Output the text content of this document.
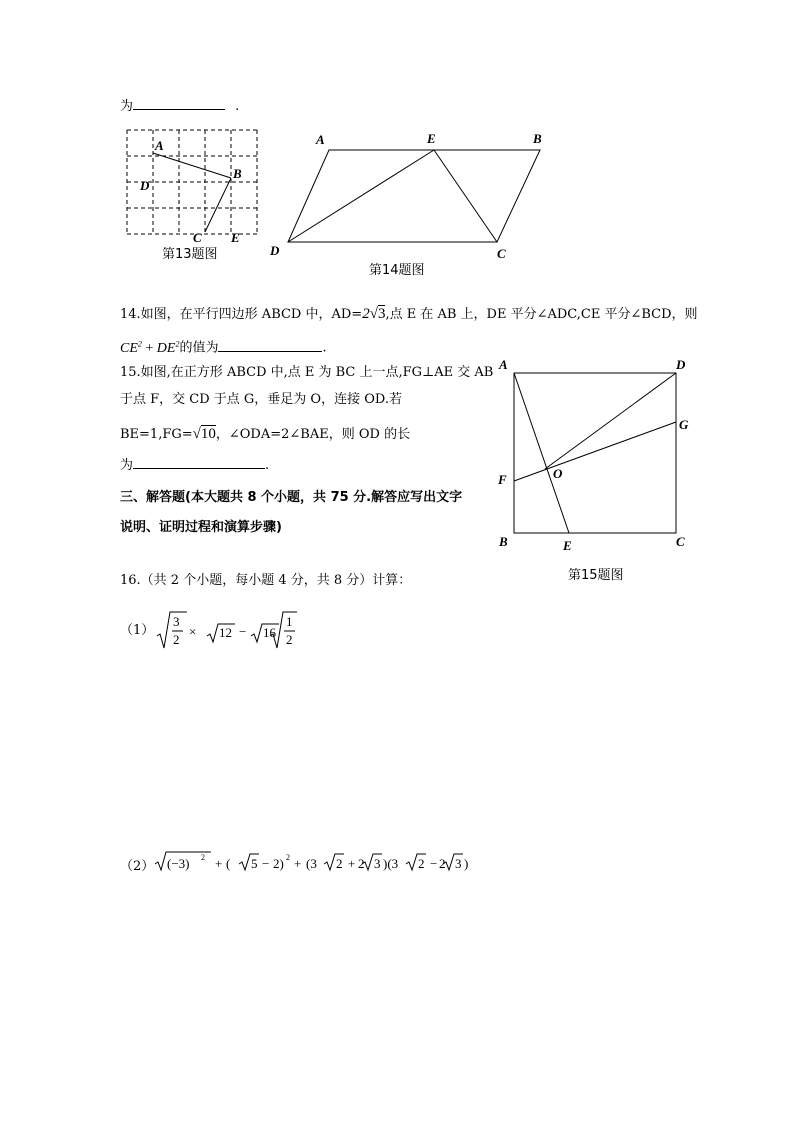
为	.
A
B
D
C E
第13题图
A	E	B
D	C
第14题图
14.如图，在平行四边形 ABCD 中，AD=2√3,点 E 在 AB 上，DE 平分∠ADC,CE 平分∠BCD，则
$CE^2 + DE^2$的值为	.
15.如图,在正方形 ABCD 中,点 E 为 BC 上一点,FG⊥AE 交 AB
于点 F，交 CD 于点 G，垂足为 O，连接 OD.若
BE=1,FG=√10，∠ODA=2∠BAE，则 OD 的长
为	.
A	D
G
F	O
B	E	C
第15题图
三、解答题(本大题共 8 个小题，共 75 分.解答应写出文字
说明、证明过程和演算步骤)
16.（共 2 个小题，每小题 4 分，共 8 分）计算：
（1）
3
2
× 12 − 16
1
2
（2） (−3) 2 + ( 5 − 2) 2 + (3 2 + 2 3 )(3 2 − 2 3 )
